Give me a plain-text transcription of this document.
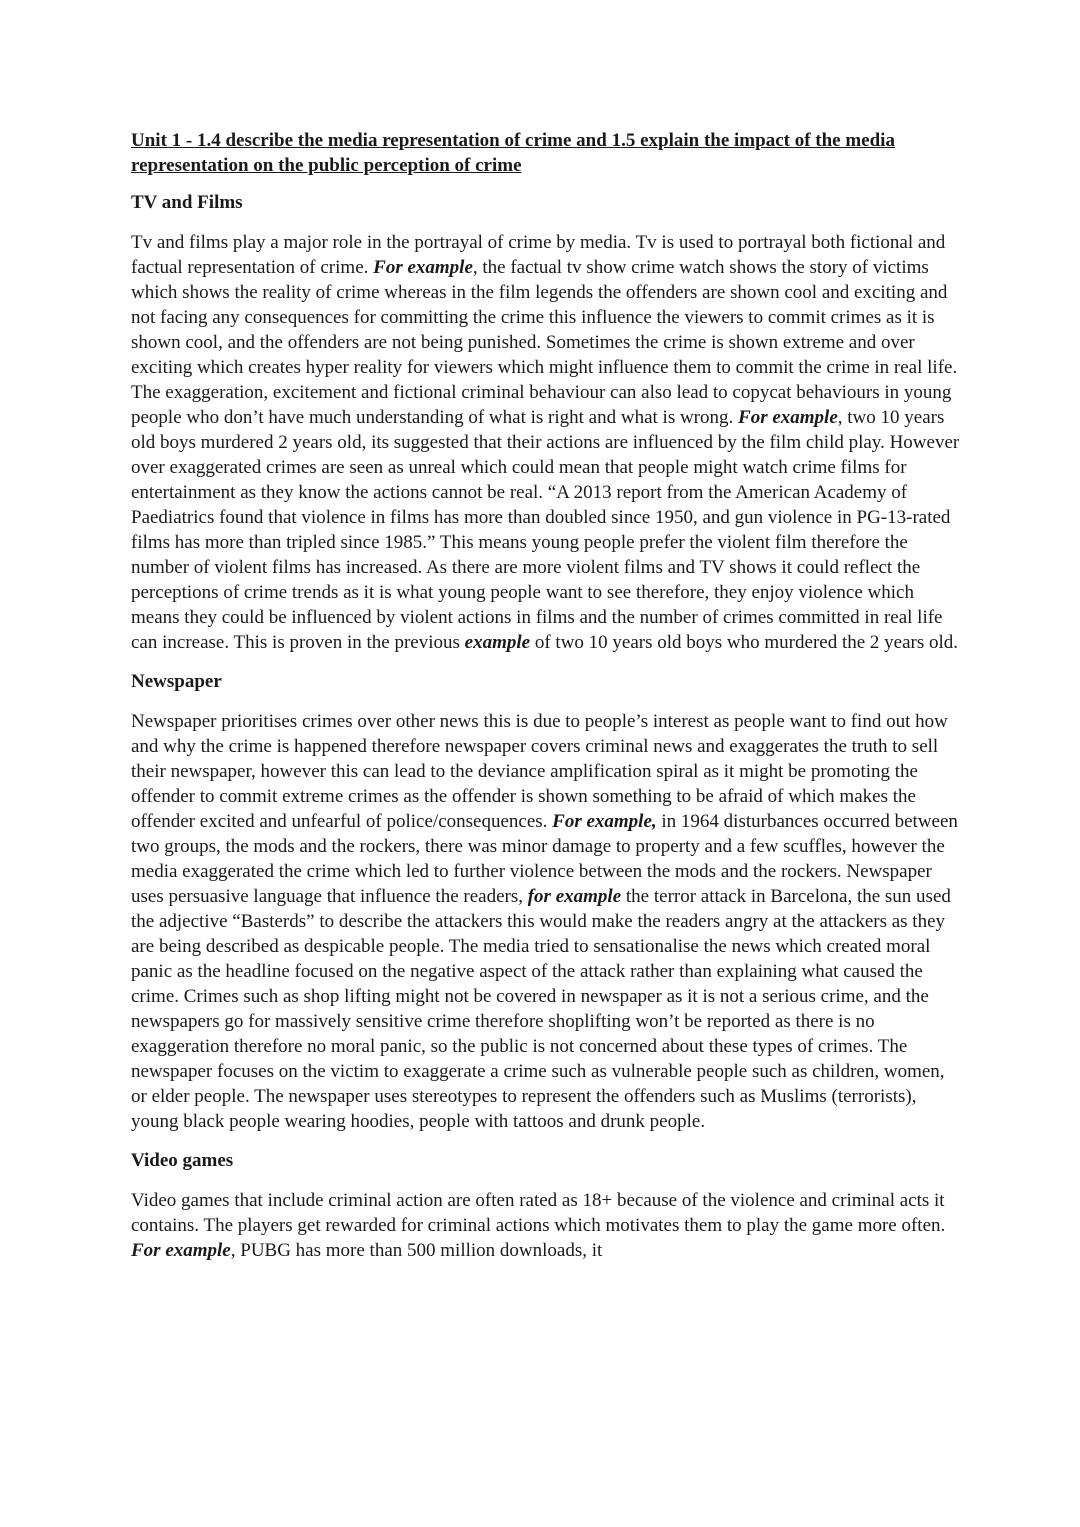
Unit 1 - 1.4 describe the media representation of crime and 1.5 explain the impact of the media representation on the public perception of crime
TV and Films

Tv and films play a major role in the portrayal of crime by media. Tv is used to portrayal both fictional and factual representation of crime. For example, the factual tv show crime watch shows the story of victims which shows the reality of crime whereas in the film legends the offenders are shown cool and exciting and not facing any consequences for committing the crime this influence the viewers to commit crimes as it is shown cool, and the offenders are not being punished. Sometimes the crime is shown extreme and over exciting which creates hyper reality for viewers which might influence them to commit the crime in real life. The exaggeration, excitement and fictional criminal behaviour can also lead to copycat behaviours in young people who don’t have much understanding of what is right and what is wrong. For example, two 10 years old boys murdered 2 years old, its suggested that their actions are influenced by the film child play. However over exaggerated crimes are seen as unreal which could mean that people might watch crime films for entertainment as they know the actions cannot be real. “A 2013 report from the American Academy of Paediatrics found that violence in films has more than doubled since 1950, and gun violence in PG-13-rated films has more than tripled since 1985.” This means young people prefer the violent film therefore the number of violent films has increased. As there are more violent films and TV shows it could reflect the perceptions of crime trends as it is what young people want to see therefore, they enjoy violence which means they could be influenced by violent actions in films and the number of crimes committed in real life can increase. This is proven in the previous example of two 10 years old boys who murdered the 2 years old.

Newspaper

Newspaper prioritises crimes over other news this is due to people’s interest as people want to find out how and why the crime is happened therefore newspaper covers criminal news and exaggerates the truth to sell their newspaper, however this can lead to the deviance amplification spiral as it might be promoting the offender to commit extreme crimes as the offender is shown something to be afraid of which makes the offender excited and unfearful of police/consequences. For example, in 1964 disturbances occurred between two groups, the mods and the rockers, there was minor damage to property and a few scuffles, however the media exaggerated the crime which led to further violence between the mods and the rockers. Newspaper uses persuasive language that influence the readers, for example the terror attack in Barcelona, the sun used the adjective “Basterds” to describe the attackers this would make the readers angry at the attackers as they are being described as despicable people. The media tried to sensationalise the news which created moral panic as the headline focused on the negative aspect of the attack rather than explaining what caused the crime. Crimes such as shop lifting might not be covered in newspaper as it is not a serious crime, and the newspapers go for massively sensitive crime therefore shoplifting won’t be reported as there is no exaggeration therefore no moral panic, so the public is not concerned about these types of crimes. The newspaper focuses on the victim to exaggerate a crime such as vulnerable people such as children, women, or elder people. The newspaper uses stereotypes to represent the offenders such as Muslims (terrorists), young black people wearing hoodies, people with tattoos and drunk people.

Video games

Video games that include criminal action are often rated as 18+ because of the violence and criminal acts it contains. The players get rewarded for criminal actions which motivates them to play the game more often. For example, PUBG has more than 500 million downloads, it
